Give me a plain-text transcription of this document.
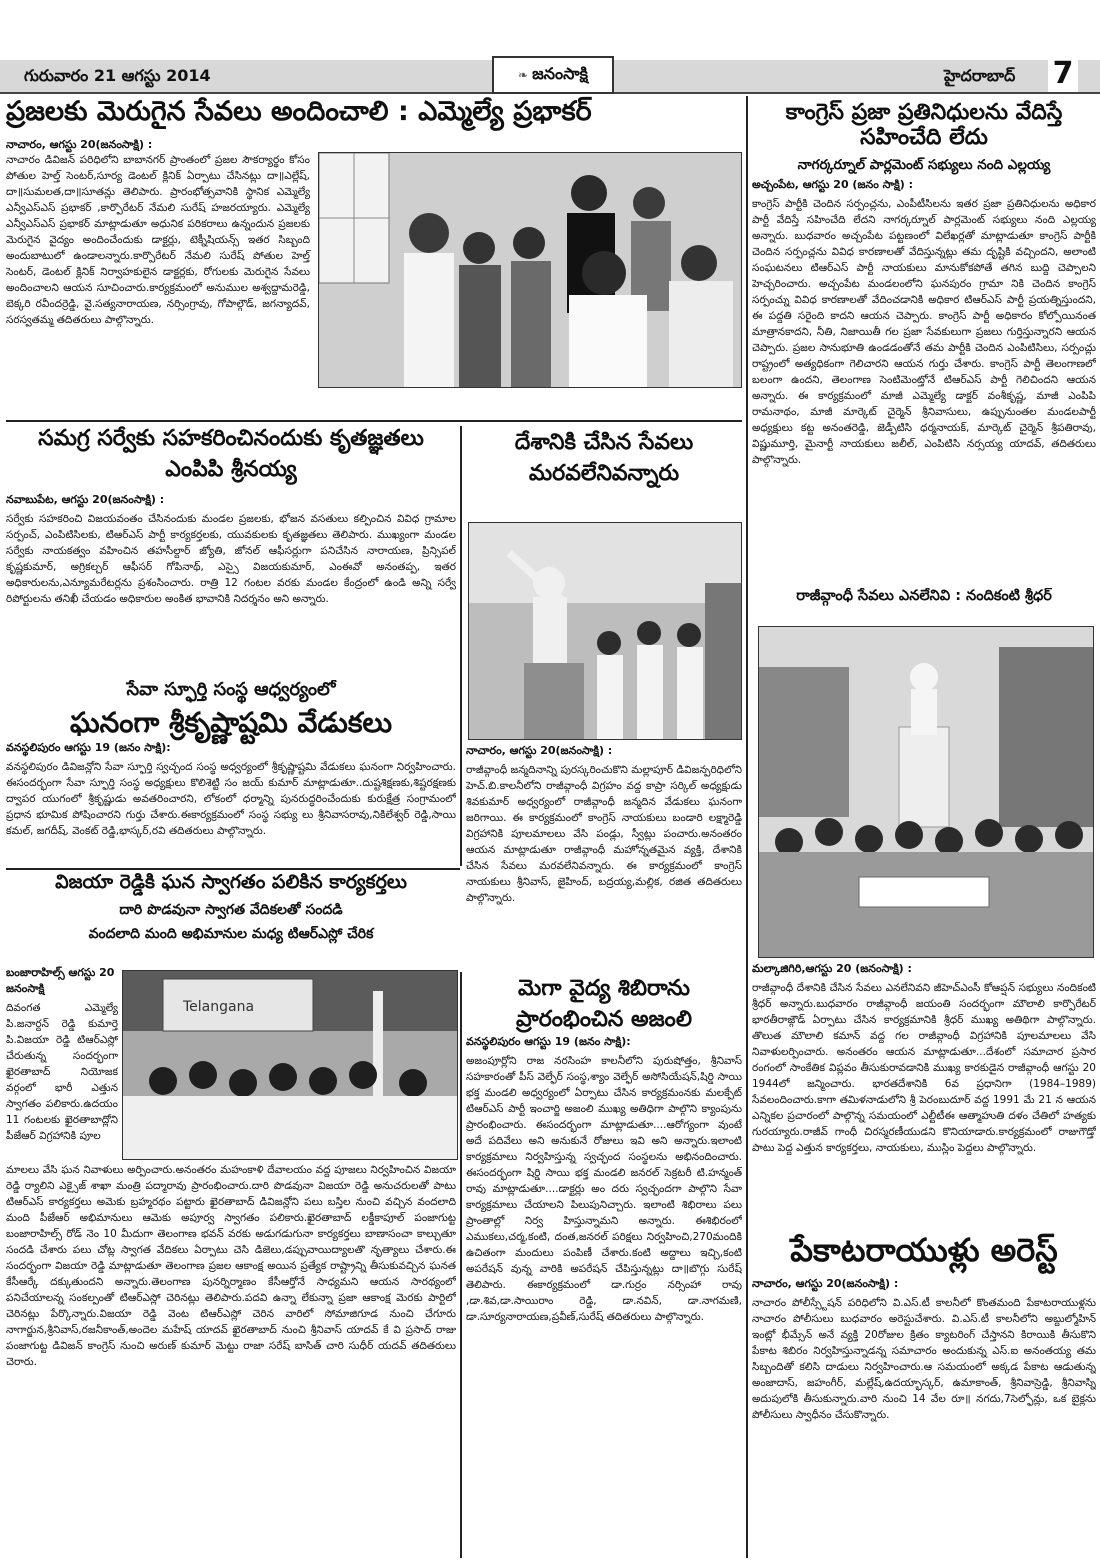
గురువారం 21 ఆగస్టు 2014	❧ జనంసాక్షి	హైదరాబాద్ 7
ప్రజలకు మెరుగైన సేవలు అందించాలి : ఎమ్మెల్యే ప్రభాకర్
నాచారం, ఆగస్టు 20(జనంసాక్షి) :

నాచారం డివిజన్ పరిధిలోని బాబానగర్ ప్రాంతంలో ప్రజల సౌకర్యార్థం కోసం పోతుల హెల్త్ సెంటర్,సూర్య డెంటల్ క్లినిక్ ఏర్పాటు చేసినట్లు దా॥ఎల్లేష్, దా॥సుమలత,దా॥సూతన్లు తెలిపారు. ప్రారంభోత్సవానికి స్థానిక ఎమ్మెల్యే ఎన్వీఎస్ఎస్ ప్రభాకర్ ,కార్పొరేటర్ నేమలి సురేష్ హజరయ్యారు. ఎమ్మెల్యే ఎన్వీఎస్ఎస్ ప్రభాకర్ మాట్లాడుతూ అధునిక పరికరాలు ఉన్నందున ప్రజలకు మెరుగైన వైద్యం అందించేందుకు డాక్టర్లు, టెక్నీషియన్స్ ఇతర సిబ్బంది అందుబాటులో ఉండాలన్నారు.కార్పొరేటర్ నేమలి సురేష్ పోతుల హెల్త్ సెంటర్, డెంటల్ క్లినిక్ నిర్వాహకులైన డాక్టర్లకు, రోగులకు మెరుగైన సేవలు అందించాలని ఆయన సూచించారు.కార్యక్రమంలో అనుముల అశ్వద్దామరెడ్డి, బెక్కరి రవీందర్రెడ్డి, వై.సత్యనారాయణ, నర్సింగ్రావు, గోపాల్గౌడ్, జగన్యాదవ్, సరస్వతమ్మ తదితరులు పాల్గొన్నారు.

కాంగ్రెస్ ప్రజా ప్రతినిధులను వేదిస్తే సహించేది లేదు
నాగర్కర్నూల్ పార్లమెంట్ సభ్యులు నంది ఎల్లయ్య
అచ్చంపేట, ఆగస్టు 20 (జనం సాక్షి) :

కాంగ్రెస్ పార్టీకి చెందిన సర్పంచ్లను, ఎంపీటీసిలను ఇతర ప్రజా ప్రతినిధులను అధికార పార్టీ వేదిస్తే సహించేది లేదని నాగర్కర్నూల్ పార్లమెంట్ సభ్యులు నంది ఎల్లయ్య అన్నారు. బుధవారం అచ్చంపేట పట్టణంలో విలేఖర్లతో మాట్లాడుతూ కాంగ్రెస్ పార్టీకి చెందిన సర్పంచ్లను వివిధ కారణాలతో వేదిస్తున్నట్లు తమ దృష్టికి వచ్చిందని, అలాంటి సంఘటనలు టిఆర్ఎస్ పార్టీ నాయకులు మానుకోకపోతే తగిన బుద్ది చెప్పాలని హెచ్చరించారు. అచ్చంపేట మండలంలోని ఘనపురం గ్రామా నికి చెందిన కాంగ్రెస్ సర్పంచ్ను వివిధ కారణాలతో వేదించడానికి అధికార టిఆర్ఎస్ పార్టీ ప్రయత్నిస్తుందని, ఈ పద్దతి సరైంది కాదని ఆయన చెప్పారు. కాంగ్రెస్ పార్టీ అధికారం కోల్పోయినంత మాత్రానకాదని, నీతి, నిజాయితీ గల ప్రజా సేవకులుగా ప్రజలు గుర్తిస్తున్నారని ఆయన చెప్పారు. ప్రజల సానుభూతి ఉండడంతోనే తమ పార్టీకి చెందిన ఎంపిటిసిలు, సర్పంచ్లు రాష్ట్రంలో అత్యధికంగా గెలిచారని ఆయన గుర్తు చేశారు. కాంగ్రెస్ పార్టీ తెలంగాణలో బలంగా ఉందని, తెలంగాణ సెంటిమెంట్తోనే టిఆర్ఎస్ పార్టీ గెలిచిందని ఆయన అన్నారు. ఈ కార్యక్రమంలో మాజీ ఎమ్మెల్యే డాక్టర్ వంశీకృష్ణ, మాజీ ఎంపిపి రామనాథం, మాజీ మార్కెట్ చైర్మెన్ శ్రీనివాసులు, ఉప్పునుంతల మండలపార్టీ అధ్యక్షులు కట్ట అనంతరెడ్డి, జెడ్పీటిసి ధర్మనాయక్, మార్కెట్ చైర్మెన్ శ్రీపతిరావు, విష్ణుమూర్తి, మైనార్టీ నాయకులు జలీల్, ఎంపిటిసి నర్సయ్య యాదవ్, తదితరులు పాల్గొన్నారు.

రాజీవ్గాంధీ సేవలు ఎనలేనివి : నందికంటి శ్రీధర్
మల్కాజిగిరి,ఆగస్టు 20 (జనంసాక్షి) :

రాజీవ్గాంధీ దేశానికి చేసిన సేవలు ఎనలేనివని జీహెచ్ఎంసీ కోఆప్షన్ సభ్యులు నందికంటి శ్రీధర్ అన్నారు.బుధవారం రాజీవ్గాంధీ జయంతి సందర్భంగా మౌలాలి కార్పొరేటర్ భారతీరాజ్గౌడ్ ఏర్పాటు చేసిన కార్యక్రమానికి శ్రీధర్ ముఖ్య అతిథిగా పాల్గొన్నారు. తొలుత మౌలాలి కమాన్ వద్ద గల రాజీవ్గాంధీ విగ్రహానికి పూలమాలలు వేసి నివాళులర్పించారు. అనంతరం ఆయన మాట్లాడుతూ...దేశంలో సమాచార ప్రసార రంగంలో సాంకేతిక విప్లవం తీసుకురావడానికి ముఖ్య కారకుడైన రాజీవ్గాంధీ ఆగస్టు 20 1944లో జన్మించారు. భారతదేశానికి 6వ ప్రధానిగా (1984–1989) సేవలందించారు.కాగా తమిళనాడులోని శ్రీ పెరంబుదూర్ వద్ద 1991 మే 21 న ఆయన ఎన్నికల ప్రచారంలో పాల్గొన్న సమయంలో ఎల్టీటీఈ ఆత్మాహుతి దళం చేతిలో హత్యకు గురయ్యారు.రాజీవ్ గాంధీ చిరస్మరణీయుడని కొనియాడారు.కార్యక్రమంలో రాజుగౌడ్తో పాటు పెద్ద ఎత్తున కార్యకర్తలు, నాయకులు, ముస్లిం పెద్దలు పాల్గొన్నారు.

పేకాటరాయుళ్లు అరెస్ట్
నాచారం, ఆగస్టు 20(జనంసాక్షి) :

నాచారం పోలీస్స్టేషన్ పరిధిలోని వి.ఎస్.టీ కాలనీలో కొంతమంది పేకాటరాయుళ్లను నాచారం పోలీసులు బుధవారం అరెస్టుచేశారు. వి.ఎస్.టీ కాలనీలోని అబ్దుల్మోహిన్ ఇంట్లో భీమ్సేన్ అనే వ్యక్తి 20రోజుల క్రితం క్యాటరింగ్ చేస్తానని కిరాయికి తీసుకొని పేకాట శిబిరం నిర్వహిస్తున్నాడన్న సమాచారం అందుకున్న ఎస్.ఐ అనంతయ్య తమ సిబ్బందితో కలిసి దాడులు నిర్వహించారు.ఆ సమయంలో అక్కడ పేకాట ఆడుతున్న అంజాదాస్, జహంగీర్, మల్లేష్,ఉదయ్భాస్కర్, ఉమాకాంత్, శ్రీనివాస్రెడ్డి, శ్రీనివాస్ని అదుపులోకి తీసుకున్నారు.వారి నుంచి 14 వేల రూ॥ నగదు,7సెల్ఫోన్లు, ఒక బైక్లను పోలీసులు స్వాధీనం చేసుకొన్నారు.

సమగ్ర సర్వేకు సహకరించినందుకు కృతజ్ఞతలు
ఎంపిపి శ్రీనయ్య
నవాబుపేట, ఆగస్టు 20(జనంసాక్షి) :

సర్వేకు సహకరించి విజయవంతం చేసినందుకు మండల ప్రజలకు, భోజన వసతులు కల్పించిన వివిధ గ్రామాల సర్పంచ్, ఎంపిటిసిలకు, టిఆర్ఎస్ పార్టీ కార్యకర్తలకు, యువకులకు కృతజ్ఞతలు తెలిపారు. ముఖ్యంగా మండల సర్వేకు నాయకత్వం వహించిన తహసీల్దార్ జ్యోతి, జోనల్ ఆఫీసర్లుగా పనిచేసిన నారాయణ, ప్రిన్సిపల్ కృష్ణకుమార్, అగ్రికల్చర్ ఆఫీసర్ గోపినాథ్, ఎస్సై విజయకుమార్, ఎంఈవో అనంతప్ప, ఇతర అధికారులను,ఎన్యూమరేటర్లను ప్రశంసించారు. రాత్రి 12 గంటల వరకు మండల కేంద్రంలో ఉండి అన్ని సర్వే రిపోర్టులను తనిఖీ చేయడం అధికారుల అంకిత భావానికి నిదర్శనం అని అన్నారు.

దేశానికి చేసిన సేవలు
మరవలేనివన్నారు
సేవా స్ఫూర్తి సంస్థ ఆధ్వర్యంలో
ఘనంగా శ్రీకృష్ణాష్టమి వేడుకలు
వనస్థలిపురం ఆగస్టు 19 (జనం సాక్షి):

వనస్థలిపురం డివిజన్లోని సేవా స్ఫూర్తి స్వచ్ఛంద సంస్థ అధ్వర్యంలో శ్రీకృష్ణాష్టమి వేడుకలు ఘనంగా నిర్వహించారు. ఈసందర్భంగా సేవా స్ఫూర్తి సంస్థ అధ్యక్షులు కొలిశెట్టి సం జయ్ కుమార్ మాట్లాడుతూ..దుష్టశిక్షణకు,శిష్టరక్షణకు ద్వాపర యుగంలో శ్రీకృష్ణుడు అవతరించారని, లోకంలో ధర్మాన్ని పునరుద్ధరించేందుకు కురుక్షేత్ర సంగ్రామంలో ప్రధాన భూమిక పోషించారని గుర్తు చేశారు.ఈకార్యక్రమంలో సంస్థ సభ్యు లు శ్రీనివాసరావు,నికిలేశ్వర్ రెడ్డి,సాయి కమల్, జగదీష్, వెంకట్ రెడ్డి,భాస్కర్,రవి తదితరులు పాల్గొన్నారు.

నాచారం, ఆగస్టు 20(జనంసాక్షి) :

రాజీవ్గాంధీ జన్మదినాన్ని పురస్కరించుకొని మల్లాపూర్ డివిజన్పరిధిలోని హెచ్.బి.కాలనీలోని రాజీవ్గాంధీ విగ్రహం వద్ద కాప్రా సర్కిల్ అధ్యక్షుడు శివకుమార్ అధ్వర్యంలో రాజీవ్గాంధీ జన్మదిన వేడుకలు ఘనంగా జరిగాయి. ఈ కార్యక్రమంలో కాంగ్రెస్ నాయకులు బండారి లక్ష్మారెడ్డి విగ్రహానికి పూలమాలలు వేసి పండ్లు, స్వీట్లు పంచారు.అనంతరం ఆయన మాట్లాడుతూ రాజీవ్గాంధీ మహోన్నతమైన వ్యక్తి, దేశానికి చేసిన సేవలు మరవలేనివన్నారు. ఈ కార్యక్రమంలో కాంగ్రెస్ నాయకులు శ్రీనివాస్, జైహింద్, బద్రయ్య,మల్లిక, రజిత తదితరులు పాల్గొన్నారు.

విజయా రెడ్డికి ఘన స్వాగతం పలికిన కార్యకర్తలు
దారి పొడవునా స్వాగత వేదికలతో సందడి
వందలాది మంది అభిమానుల మధ్య టిఆర్ఎస్లో చేరిక
బంజారాహిల్స్ ఆగస్టు 20 జనంసాక్షి

దివంగత ఎమ్మెల్యే పి.జనార్దన్ రెడ్డి కుమార్తె పి.విజయా రెడ్డి టిఆర్ఎస్లో చేరుతున్న సందర్భంగా ఖైరతాబాద్ నియోజక వర్గంలో భారీ ఎత్తున స్వాగతం పలికారు.ఉదయం 11 గంటలకు ఖైరతాబాద్లోని పీజేఆర్ విగ్రహానికి పూల

Telangana

మాలలు వేసి ఘన నివాళులు అర్పించారు.అనంతరం మహంకాళి దేవాలయం వద్ద పూజలు నిర్వహించిన విజయా రెడ్డి ర్యాలిని ఎక్సైజ్ శాఖా మంత్రి పద్మారావు ప్రారంభించారు.దారి పొడవునా విజయా రెడ్డి అనుచరులతో పాటు టిఆర్ఎస్ కార్యకర్తలు అమెకు బ్రహ్మరథం పట్టారు ఖైరతాబాద్ డివిజన్లోని పలు బస్తిల నుంచి వచ్చిన వందలాది మంది పీజేఆర్ అభిమానులు ఆమెకు అపూర్వ స్వాగతం పలికారు.ఖైరతాబాద్ లక్డీకాపూల్ పంజాగుట్ట బంజారాహిల్స్ రోడ్ నెం 10 మీదుగా తెలంగాణ భవన్ వరకు అడుగడుగునా కార్యకర్తలు బాణాసంచా కాల్చుతూ సందడి చేశారు పలు చోట్ల స్వాగత వేదికలు ఏర్పాటు చెసి డిజెలు,డప్పువాయిద్యాలతొ నృత్యాలు చేశారు.ఈ సందర్భంగా విజయా రెడ్డి మాట్లాడుతూ తెలంగాణ ప్రజల ఆకాంక్ష అయిన ప్రత్యేక రాష్ట్రాన్ని తీసుకువచ్చిన ఘనత కేసీఆర్కే దక్కుతుందని అన్నారు.తెలంగాణ పునర్నిర్మాణం కేసీఆర్తోనే సాధ్యమని ఆయన సారథ్యంలో పనిచేయాలన్న సంకల్పంతో టిఆర్ఎస్లో చెరినట్లు తెలిపారు.పదవి ఉన్నా లేకున్నా ప్రజా ఆకాంక్ష మెరకు పార్టిలో చెరినట్లు పేర్కొన్నారు.విజయా రెడ్డి వెంట టిఆర్ఎస్లో చెరిన వారిలో సోమాజిగూడ నుంచి చేగూరు నాగార్జున,శ్రీనివాస్,రజనీకాంత్,అందెల మహేష్ యాదవ్ ఖైరతాబాద్ నుంచి శ్రీనివాస్ యాదవ్ కే వి ప్రసాద్ రాజు పంజాగుట్ట డివిజన్ కాంగ్రెస్ నుంచి అరుణ్ కుమార్ మెట్టు రాజా సరేష్ బాసిత్ చారి సుధీర్ యదవ్ తదితరులు చెరారు.

మెగా వైద్య శిబిరాను
ప్రారంభించిన అజంలి
వనస్థలిపురం ఆగస్టు 19 (జనం సాక్షి):

అజంపూర్లోని రాజ నరసింహ కాలనీలోని పురుషోత్తం, శ్రీనివాస్ సహకారంతో పీస్ వెల్ఫేర్ సంస్థ,శ్యాం వెల్ఫేర్ అసోసియేషన్,షిర్డి సాయి భక్త మండలి అధ్వర్యంలో ఏర్పాటు చేసిన కార్యక్రమంనకు మలక్పేట్ టిఆర్ఎస్ పార్టీ ఇంచార్జి అజంలి ముఖ్య అతిధిగా పాల్గొని క్యాంపును ప్రారంభించారు. ఈసందర్భంగా మాట్లాడుతూ....ఆరోగ్యంగా వుంటే అదే పదివేలు అని అనుకునే రోజులు ఇవి అని అన్నారు.ఇలాంటి కార్యక్రమాలు నిర్వహిస్తున్న స్వచ్ఛంద సంస్థలను అభినందించారు. ఈసందర్భంగా షిర్డి సాయి భక్త మండలి జనరల్ సెక్రటరీ టి.హన్మంత్ రావు మాట్లాడుతూ....డాక్టర్లు అం దరు స్వచ్ఛందగా పాల్గొని సేవా కార్యక్రమాలు చేయాలని పిలుపునిచ్చారు. ఇలాంటి శిభిరాలు పలు ప్రాంతాల్లో నిర్వ హిస్తున్నామని అన్నారు. ఈశిభిరంలో ఎముకలు,చర్మ,కంటి, దంత,జనరల్ పరిక్షలు నిర్వహించి,270మందికి ఉచితంగా మందులు పంపిణీ చేశారు.కంటి అద్దాలు ఇచ్చి,కంటి అపరేషన్ వున్న వారికి అపరేషన్ చేపిస్తున్నట్లు దా॥బొగ్గు సురేష్ తెలిపారు. ఈకార్యక్రమంలో డా.గుర్రం నర్సింహా రావు ,డా.శివ,డా.సాయిరాం రెడ్డి, డా.నవిన్, డా.నాగమణి, డా.సూర్యనారాయణ,ప్రవీణ్,సురేష్ తదితరులు పాల్గొన్నారు.
